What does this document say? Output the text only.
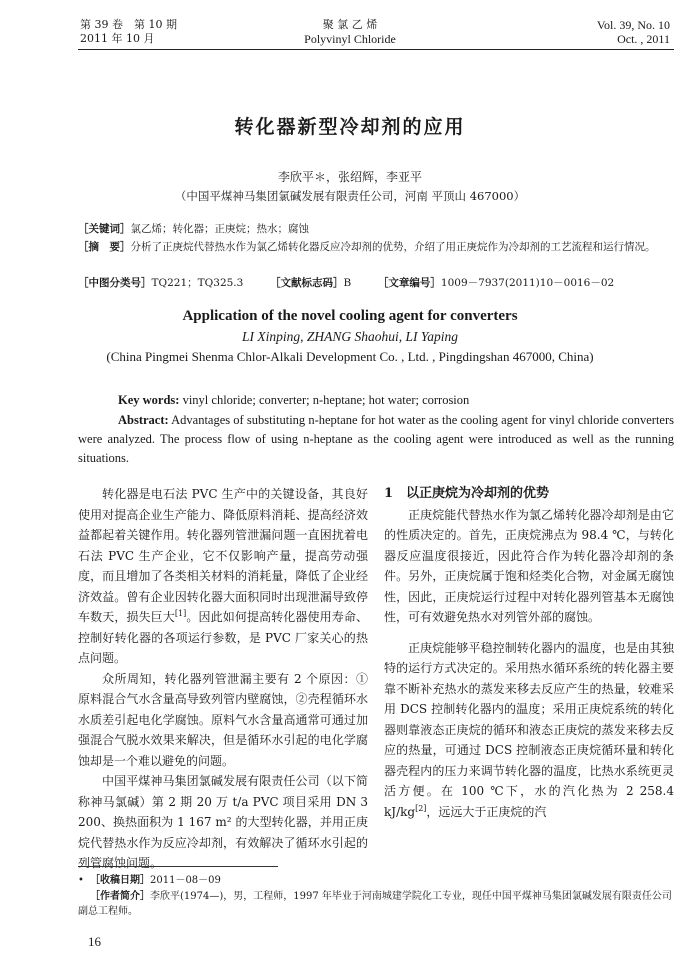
第 39 卷　第 10 期
2011 年 10 月
聚 氯 乙 烯
Polyvinyl Chloride
Vol. 39, No. 10
Oct. , 2011
转化器新型冷却剂的应用
李欣平＊，张绍辉，李亚平
（中国平煤神马集团氯碱发展有限责任公司，河南 平顶山 467000）
［关键词］氯乙烯；转化器；正庚烷；热水；腐蚀
［摘　要］分析了正庚烷代替热水作为氯乙烯转化器反应冷却剂的优势，介绍了用正庚烷作为冷却剂的工艺流程和运行情况。
［中图分类号］TQ221；TQ325.3	［文献标志码］B	［文章编号］1009－7937(2011)10－0016－02
Application of the novel cooling agent for converters
LI Xinping, ZHANG Shaohui, LI Yaping
(China Pingmei Shenma Chlor-Alkali Development Co. , Ltd. , Pingdingshan 467000, China)
Key words: vinyl chloride; converter; n-heptane; hot water; corrosion
Abstract: Advantages of substituting n-heptane for hot water as the cooling agent for vinyl chloride converters were analyzed. The process flow of using n-heptane as the cooling agent were introduced as well as the running situations.

转化器是电石法 PVC 生产中的关键设备，其良好使用对提高企业生产能力、降低原料消耗、提高经济效益都起着关键作用。转化器列管泄漏问题一直困扰着电石法 PVC 生产企业，它不仅影响产量，提高劳动强度，而且增加了各类相关材料的消耗量，降低了企业经济效益。曾有企业因转化器大面积同时出现泄漏导致停车数天，损失巨大[1]。因此如何提高转化器使用寿命、控制好转化器的各项运行参数，是 PVC 厂家关心的热点问题。

众所周知，转化器列管泄漏主要有 2 个原因：①原料混合气水含量高导致列管内壁腐蚀，②壳程循环水水质差引起电化学腐蚀。原料气水含量高通常可通过加强混合气脱水效果来解决，但是循环水引起的电化学腐蚀却是一个难以避免的问题。

中国平煤神马集团氯碱发展有限责任公司（以下简称神马氯碱）第 2 期 20 万 t/a PVC 项目采用 DN 3 200、换热面积为 1 167 m² 的大型转化器，并用正庚烷代替热水作为反应冷却剂，有效解决了循环水引起的列管腐蚀问题。

1　以正庚烷为冷却剂的优势

正庚烷能代替热水作为氯乙烯转化器冷却剂是由它的性质决定的。首先，正庚烷沸点为 98.4 ℃，与转化器反应温度很接近，因此符合作为转化器冷却剂的条件。另外，正庚烷属于饱和烃类化合物，对金属无腐蚀性，因此，正庚烷运行过程中对转化器列管基本无腐蚀性，可有效避免热水对列管外部的腐蚀。

正庚烷能够平稳控制转化器内的温度，也是由其独特的运行方式决定的。采用热水循环系统的转化器主要靠不断补充热水的蒸发来移去反应产生的热量，较难采用 DCS 控制转化器内的温度；采用正庚烷系统的转化器则靠液态正庚烷的循环和液态正庚烷的蒸发来移去反应的热量，可通过 DCS 控制液态正庚烷循环量和转化器壳程内的压力来调节转化器的温度，比热水系统更灵活方便。在 100 ℃下，水的汽化热为 2 258.4 kJ/kg[2]，远远大于正庚烷的汽

• ［收稿日期］2011－08－09
［作者简介］李欣平(1974—)，男，工程师，1997 年毕业于河南城建学院化工专业，现任中国平煤神马集团氯碱发展有限责任公司副总工程师。
16
